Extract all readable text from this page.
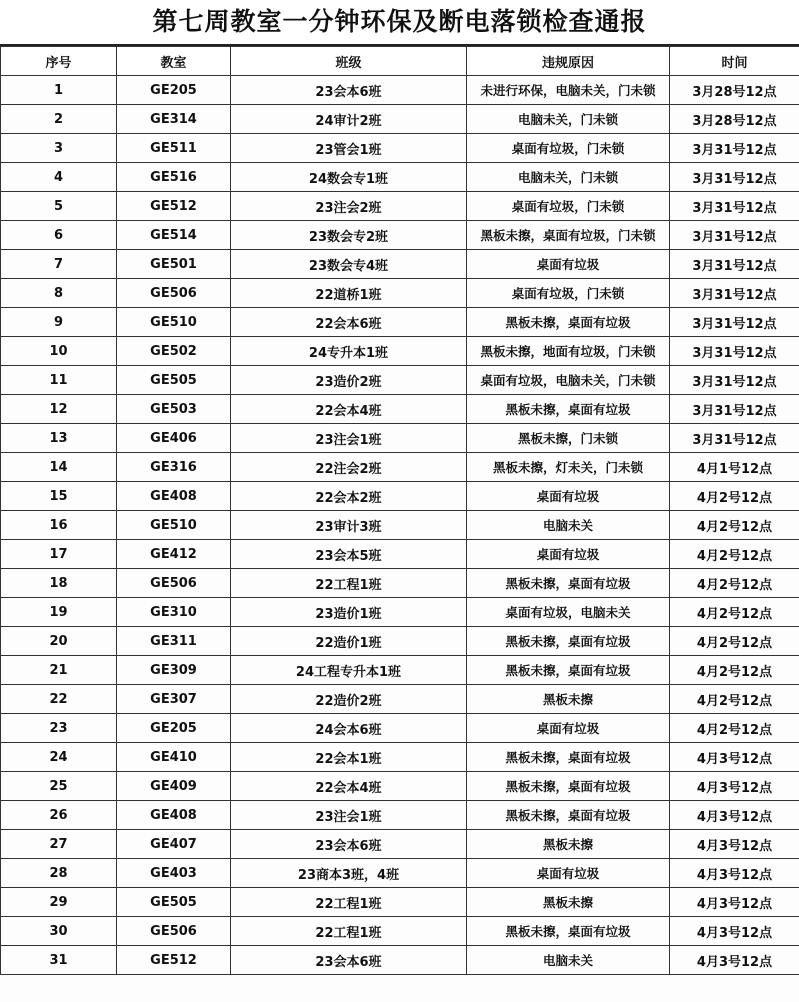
第七周教室一分钟环保及断电落锁检查通报
序号	教室	班级	违规原因	时间
1	GE205	23会本6班	未进行环保，电脑未关，门未锁	3月28号12点
2	GE314	24审计2班	电脑未关，门未锁	3月28号12点
3	GE511	23管会1班	桌面有垃圾，门未锁	3月31号12点
4	GE516	24数会专1班	电脑未关，门未锁	3月31号12点
5	GE512	23注会2班	桌面有垃圾，门未锁	3月31号12点
6	GE514	23数会专2班	黑板未擦，桌面有垃圾，门未锁	3月31号12点
7	GE501	23数会专4班	桌面有垃圾	3月31号12点
8	GE506	22道桥1班	桌面有垃圾，门未锁	3月31号12点
9	GE510	22会本6班	黑板未擦，桌面有垃圾	3月31号12点
10	GE502	24专升本1班	黑板未擦，地面有垃圾，门未锁	3月31号12点
11	GE505	23造价2班	桌面有垃圾，电脑未关，门未锁	3月31号12点
12	GE503	22会本4班	黑板未擦，桌面有垃圾	3月31号12点
13	GE406	23注会1班	黑板未擦，门未锁	3月31号12点
14	GE316	22注会2班	黑板未擦，灯未关，门未锁	4月1号12点
15	GE408	22会本2班	桌面有垃圾	4月2号12点
16	GE510	23审计3班	电脑未关	4月2号12点
17	GE412	23会本5班	桌面有垃圾	4月2号12点
18	GE506	22工程1班	黑板未擦，桌面有垃圾	4月2号12点
19	GE310	23造价1班	桌面有垃圾，电脑未关	4月2号12点
20	GE311	22造价1班	黑板未擦，桌面有垃圾	4月2号12点
21	GE309	24工程专升本1班	黑板未擦，桌面有垃圾	4月2号12点
22	GE307	22造价2班	黑板未擦	4月2号12点
23	GE205	24会本6班	桌面有垃圾	4月2号12点
24	GE410	22会本1班	黑板未擦，桌面有垃圾	4月3号12点
25	GE409	22会本4班	黑板未擦，桌面有垃圾	4月3号12点
26	GE408	23注会1班	黑板未擦，桌面有垃圾	4月3号12点
27	GE407	23会本6班	黑板未擦	4月3号12点
28	GE403	23商本3班，4班	桌面有垃圾	4月3号12点
29	GE505	22工程1班	黑板未擦	4月3号12点
30	GE506	22工程1班	黑板未擦，桌面有垃圾	4月3号12点
31	GE512	23会本6班	电脑未关	4月3号12点
